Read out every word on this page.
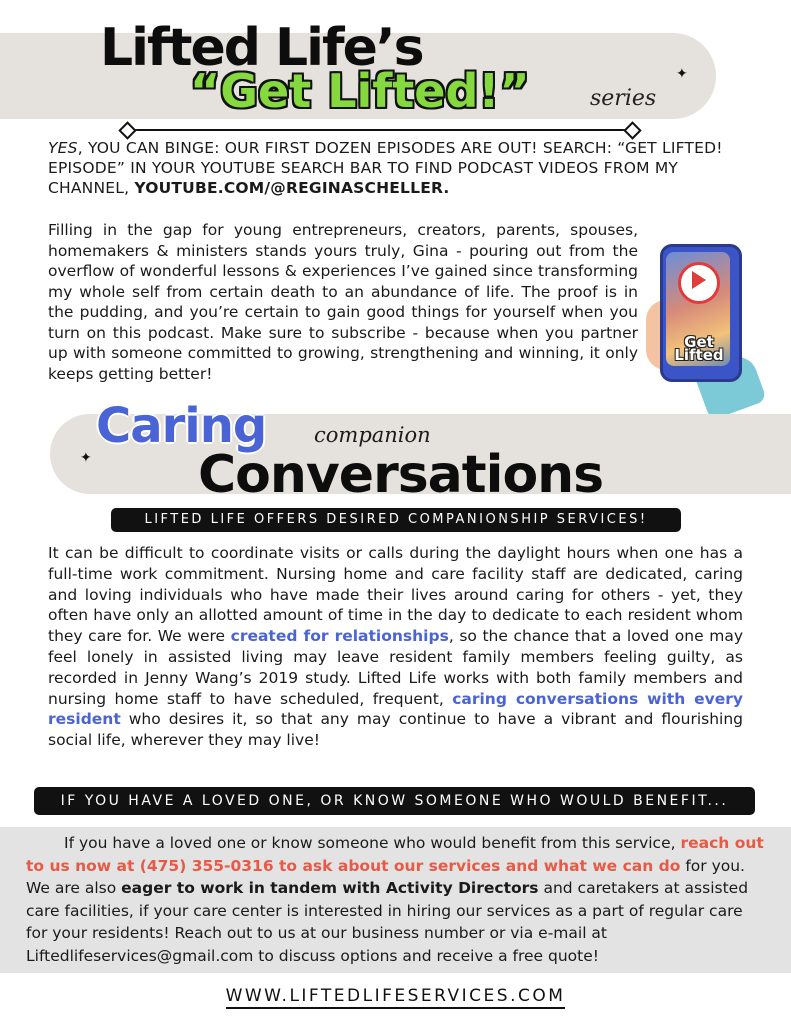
Lifted Life’s
“Get Lifted!”	series
✦
YES, YOU CAN BINGE: OUR FIRST DOZEN EPISODES ARE OUT! SEARCH: “GET LIFTED! EPISODE” IN YOUR YOUTUBE SEARCH BAR TO FIND PODCAST VIDEOS FROM MY CHANNEL, YOUTUBE.COM/@REGINASCHELLER.
Filling in the gap for young entrepreneurs, creators, parents, spouses, homemakers & ministers stands yours truly, Gina - pouring out from the overflow of wonderful lessons & experiences I’ve gained since transforming my whole self from certain death to an abundance of life. The proof is in the pudding, and you’re certain to gain good things for yourself when you turn on this podcast. Make sure to subscribe - because when you partner up with someone committed to growing, strengthening and winning, it only keeps getting better!
Get
Lifted
Caring companion
Conversations
✦
LIFTED LIFE OFFERS DESIRED COMPANIONSHIP SERVICES!
It can be difficult to coordinate visits or calls during the daylight hours when one has a full-time work commitment. Nursing home and care facility staff are dedicated, caring and loving individuals who have made their lives around caring for others - yet, they often have only an allotted amount of time in the day to dedicate to each resident whom they care for. We were created for relationships, so the chance that a loved one may feel lonely in assisted living may leave resident family members feeling guilty, as recorded in Jenny Wang’s 2019 study. Lifted Life works with both family members and nursing home staff to have scheduled, frequent, caring conversations with every resident who desires it, so that any may continue to have a vibrant and flourishing social life, wherever they may live!
IF YOU HAVE A LOVED ONE, OR KNOW SOMEONE WHO WOULD BENEFIT...
If you have a loved one or know someone who would benefit from this service, reach out to us now at (475) 355-0316 to ask about our services and what we can do for you. We are also eager to work in tandem with Activity Directors and caretakers at assisted care facilities, if your care center is interested in hiring our services as a part of regular care for your residents! Reach out to us at our business number or via e-mail at Liftedlifeservices@gmail.com to discuss options and receive a free quote!
WWW.LIFTEDLIFESERVICES.COM
